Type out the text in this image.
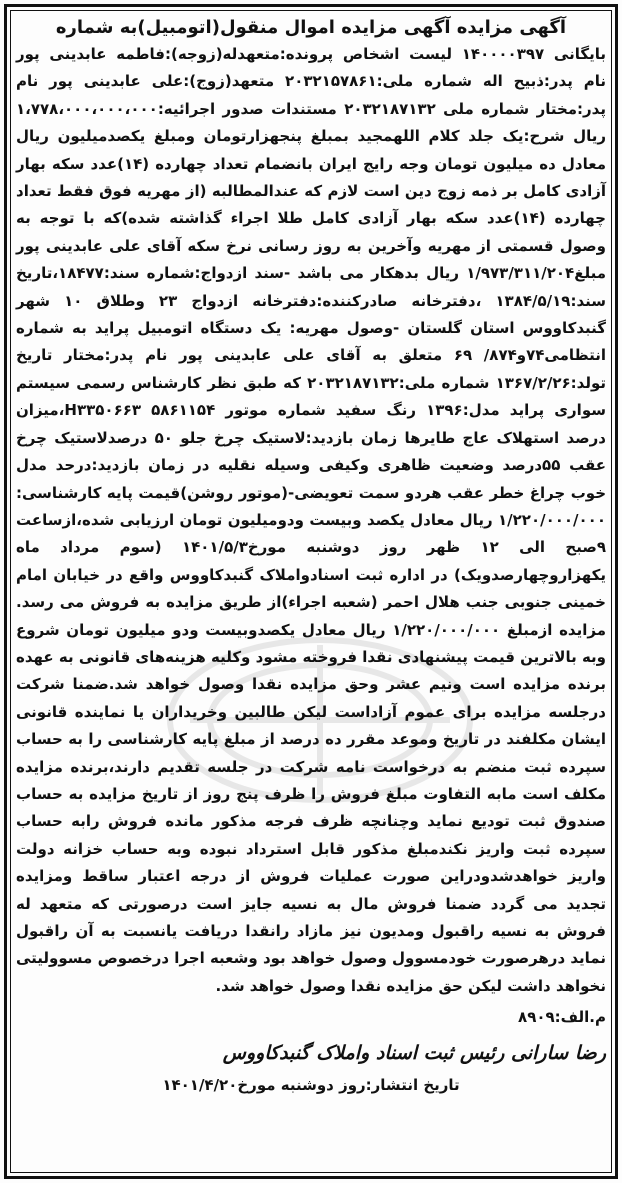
آگهی مزایده آگهی مزایده اموال منقول(اتومبیل)به شماره

بایگانی ۱۴۰۰۰۰۳۹۷ لیست اشخاص پرونده:متعهدله(زوجه):فاطمه عابدینی پور نام پدر:ذبیح اله شماره ملی:۲۰۳۲۱۵۷۸۶۱ متعهد(زوج):علی عابدینی پور نام پدر:مختار شماره ملی ۲۰۳۲۱۸۷۱۳۲ مستندات صدور اجرائیه:۱،۷۷۸،۰۰۰،۰۰۰،۰۰۰ ریال شرح:یک جلد کلام اللهمجید بمبلغ پنجهزارتومان ومبلغ یکصدمیلیون ریال معادل ده میلیون تومان وجه رایج ایران بانضمام تعداد چهارده (۱۴)عدد سکه بهار آزادی کامل بر ذمه زوج دین است لازم که عندالمطالبه (از مهریه فوق فقط تعداد چهارده (۱۴)عدد سکه بهار آزادی کامل طلا اجراء گذاشته شده)که با توجه به وصول قسمتی از مهریه وآخرین به روز رسانی نرخ سکه آقای علی عابدینی پور مبلغ۱/۹۷۳/۳۱۱/۲۰۴ ریال بدهکار می باشد -سند ازدواج:شماره سند:۱۸۴۷۷،تاریخ سند:۱۳۸۴/۵/۱۹ ،دفترخانه صادرکننده:دفترخانه ازدواج ۲۳ وطلاق ۱۰ شهر گنبدکاووس استان گلستان -وصول مهریه: یک دستگاه اتومبیل پراید به شماره انتظامی۷۴و۸۷۴/ ۶۹ متعلق به آقای علی عابدینی پور نام پدر:مختار تاریخ تولد:۱۳۶۷/۲/۲۶ شماره ملی:۲۰۳۲۱۸۷۱۳۲ که طبق نظر کارشناس رسمی سیستم سواری پراید مدل:۱۳۹۶ رنگ سفید شماره موتور ۵۸۶۱۱۵۴ H۳۳۵۰۶۶۳،میزان درصد استهلاک عاج طایرها زمان بازدید:لاستیک چرخ جلو ۵۰ درصدلاستیک چرخ عقب ۵۵درصد وضعیت ظاهری وکیفی وسیله نقلیه در زمان بازدید:درحد مدل خوب چراغ خطر عقب هردو سمت تعویضی-(موتور روشن)قیمت پایه کارشناسی: ۱/۲۲۰/۰۰۰/۰۰۰ ریال معادل یکصد وبیست ودومیلیون تومان ارزیابی شده،ازساعت ۹صبح الی ۱۲ ظهر روز دوشنبه مورخ۱۴۰۱/۵/۳ (سوم مرداد ماه یکهزاروچهارصدویک) در اداره ثبت اسنادواملاک گنبدکاووس واقع در خیابان امام خمینی جنوبی جنب هلال احمر (شعبه اجراء)از طریق مزایده به فروش می رسد. مزایده ازمبلغ ۱/۲۲۰/۰۰۰/۰۰۰ ریال معادل یکصدوبیست ودو میلیون تومان شروع وبه بالاترین قیمت پیشنهادی نقدا فروخته مشود وکلیه هزینه‌های قانونی به عهده برنده مزایده است ونیم عشر وحق مزایده نقدا وصول خواهد شد.ضمنا شرکت درجلسه مزایده برای عموم آزاداست لیکن طالبین وخریداران یا نماینده قانونی ایشان مکلفند در تاریخ وموعد مقرر ده درصد از مبلغ پایه کارشناسی را به حساب سپرده ثبت منضم به درخواست نامه شرکت در جلسه تقدیم دارند،برنده مزایده مکلف است مابه التفاوت مبلغ فروش را ظرف پنج روز از تاریخ مزایده به حساب صندوق ثبت تودیع نماید وچنانچه ظرف فرجه مذکور مانده فروش رابه حساب سپرده ثبت واریز نکندمبلغ مذکور قابل استرداد نبوده وبه حساب خزانه دولت واریز خواهدشدودراین صورت عملیات فروش از درجه اعتبار ساقط ومزایده تجدید می گردد ضمنا فروش مال به نسیه جایز است درصورتی که متعهد له فروش به نسیه راقبول ومدیون نیز مازاد رانقدا دریافت یانسبت به آن راقبول نماید درهرصورت خودمسوول وصول خواهد بود وشعبه اجرا درخصوص مسوولیتی نخواهد داشت لیکن حق مزایده نقدا وصول خواهد شد.

م.الف:۸۹۰۹

رضا سارانی رئیس ثبت اسناد واملاک گنبدکاووس

تاریخ انتشار:روز دوشنبه مورخ۱۴۰۱/۴/۲۰
